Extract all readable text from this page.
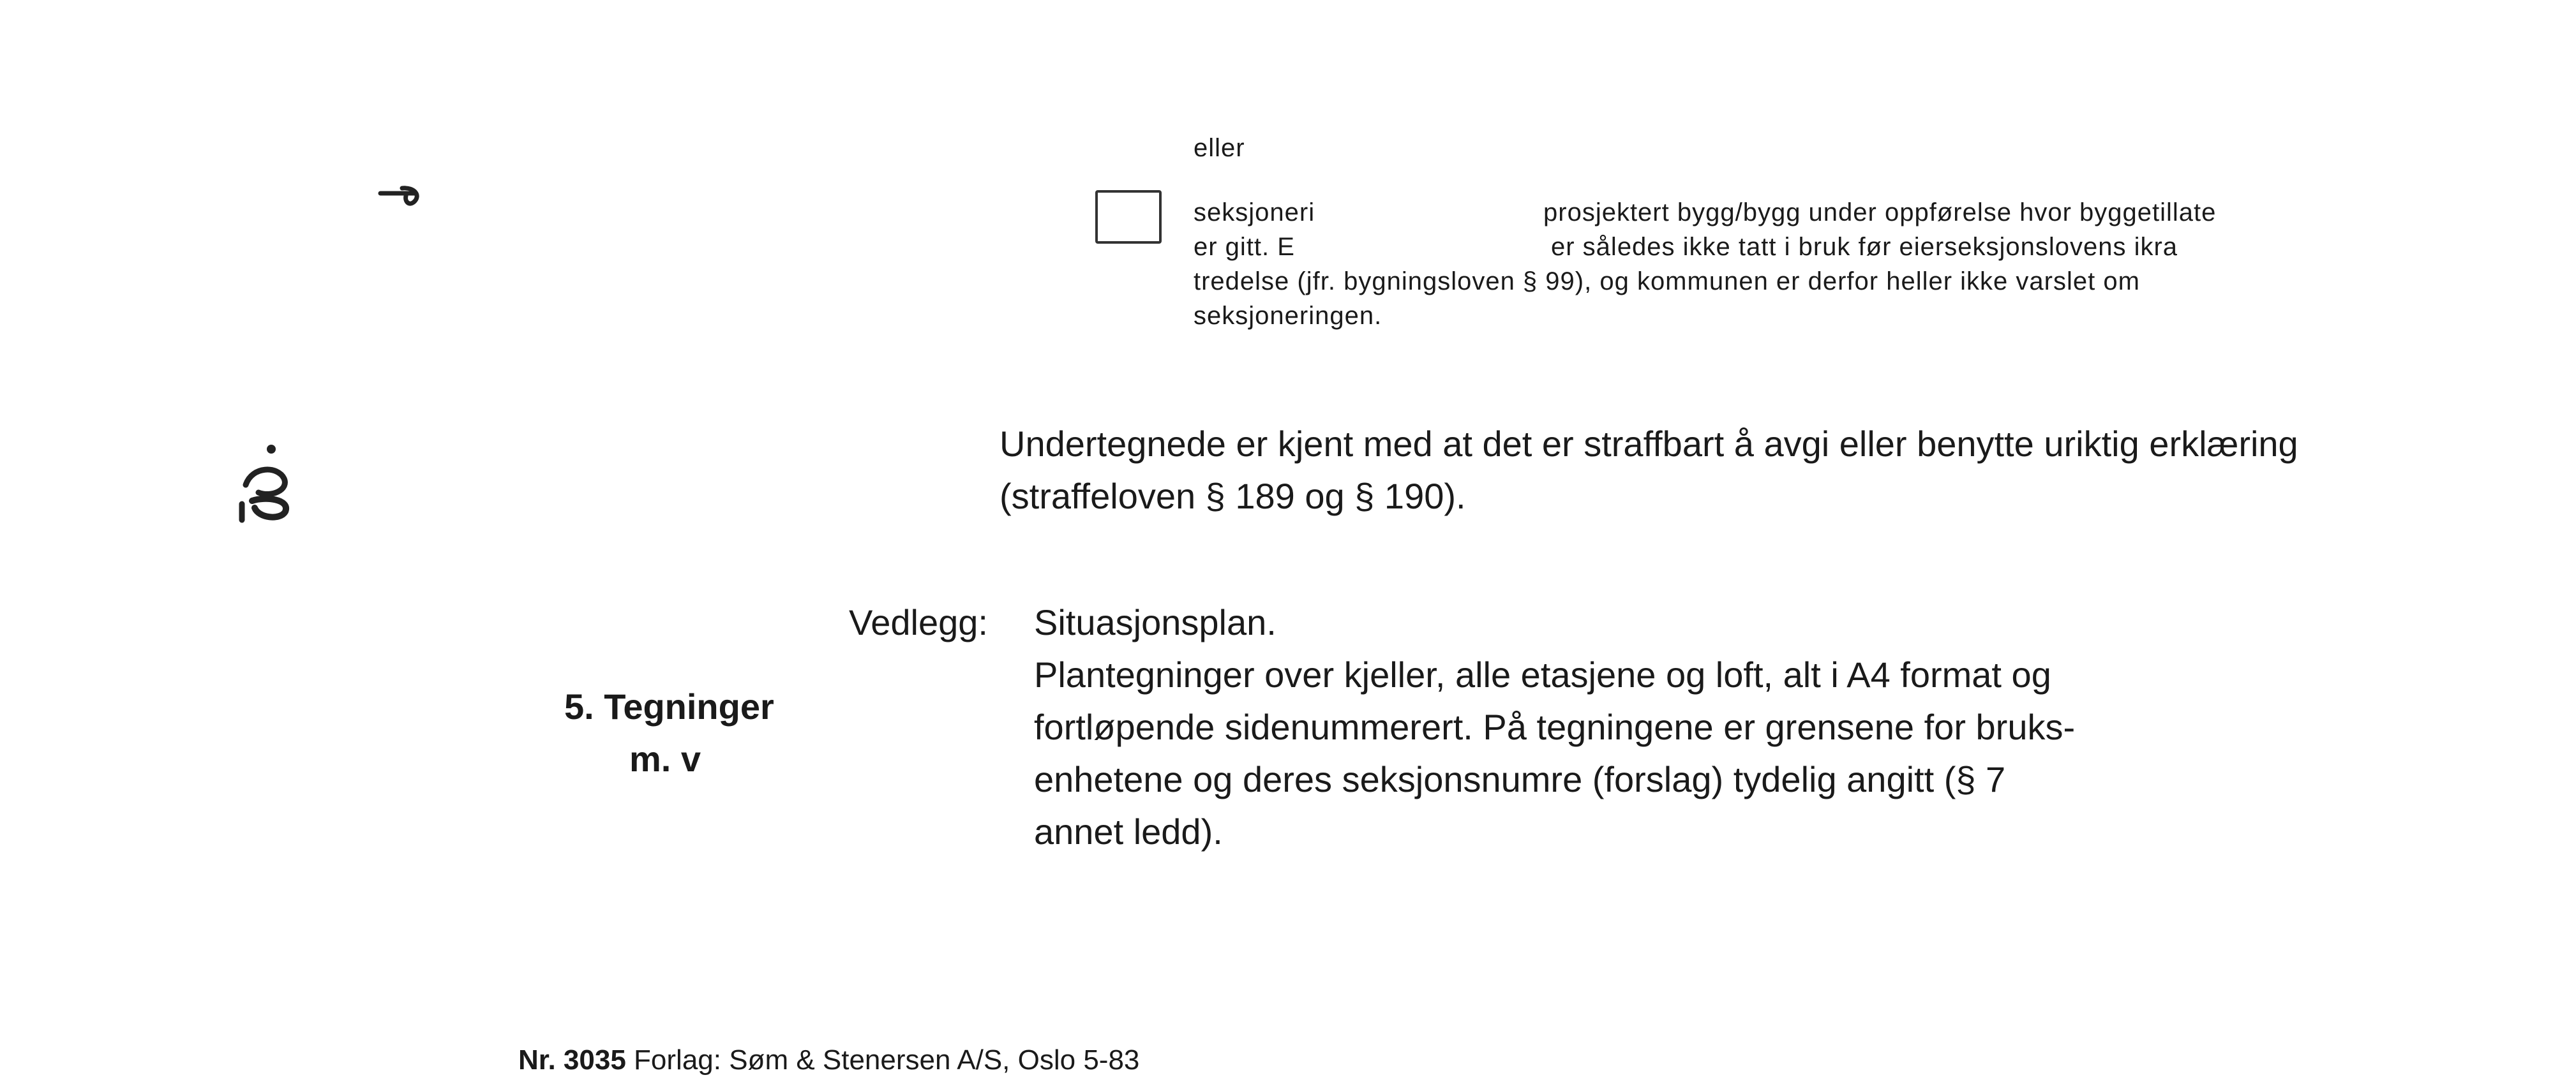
eller
seksjoneri	prosjektert bygg/bygg under oppførelse hvor byggetillate
er gitt. E	er således ikke tatt i bruk før eierseksjonslovens ikra
tredelse (jfr. bygningsloven § 99), og kommunen er derfor heller ikke varslet om
seksjoneringen.
Undertegnede er kjent med at det er straffbart å avgi eller benytte uriktig erklæring
(straffeloven § 189 og § 190).
Vedlegg: Situasjonsplan.
Plantegninger over kjeller, alle etasjene og loft, alt i A4 format og
fortløpende sidenummerert. På tegningene er grensene for bruks-
enhetene og deres seksjonsnumre (forslag) tydelig angitt (§ 7
annet ledd).
5. Tegninger
m. v
Nr. 3035 Forlag: Søm & Stenersen A/S, Oslo 5-83
